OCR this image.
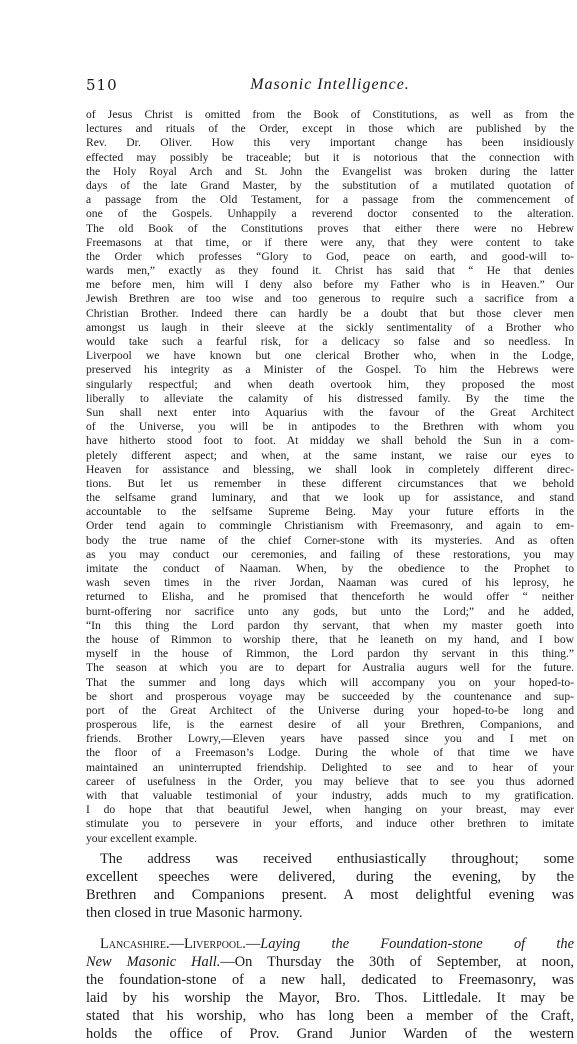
510	Masonic Intelligence.
of Jesus Christ is omitted from the Book of Constitutions, as well as from the
lectures and rituals of the Order, except in those which are published by the
Rev. Dr. Oliver. How this very important change has been insidiously
effected may possibly be traceable; but it is notorious that the connection with
the Holy Royal Arch and St. John the Evangelist was broken during the latter
days of the late Grand Master, by the substitution of a mutilated quotation of
a passage from the Old Testament, for a passage from the commencement of
one of the Gospels. Unhappily a reverend doctor consented to the alteration.
The old Book of the Constitutions proves that either there were no Hebrew
Freemasons at that time, or if there were any, that they were content to take
the Order which professes “Glory to God, peace on earth, and good-will to-
wards men,” exactly as they found it. Christ has said that “ He that denies
me before men, him will I deny also before my Father who is in Heaven.” Our
Jewish Brethren are too wise and too generous to require such a sacrifice from a
Christian Brother. Indeed there can hardly be a doubt that but those clever men
amongst us laugh in their sleeve at the sickly sentimentality of a Brother who
would take such a fearful risk, for a delicacy so false and so needless. In
Liverpool we have known but one clerical Brother who, when in the Lodge,
preserved his integrity as a Minister of the Gospel. To him the Hebrews were
singularly respectful; and when death overtook him, they proposed the most
liberally to alleviate the calamity of his distressed family. By the time the
Sun shall next enter into Aquarius with the favour of the Great Architect
of the Universe, you will be in antipodes to the Brethren with whom you
have hitherto stood foot to foot. At midday we shall behold the Sun in a com-
pletely different aspect; and when, at the same instant, we raise our eyes to
Heaven for assistance and blessing, we shall look in completely different direc-
tions. But let us remember in these different circumstances that we behold
the selfsame grand luminary, and that we look up for assistance, and stand
accountable to the selfsame Supreme Being. May your future efforts in the
Order tend again to commingle Christianism with Freemasonry, and again to em-
body the true name of the chief Corner-stone with its mysteries. And as often
as you may conduct our ceremonies, and failing of these restorations, you may
imitate the conduct of Naaman. When, by the obedience to the Prophet to
wash seven times in the river Jordan, Naaman was cured of his leprosy, he
returned to Elisha, and he promised that thenceforth he would offer “ neither
burnt-offering nor sacrifice unto any gods, but unto the Lord;” and he added,
“In this thing the Lord pardon thy servant, that when my master goeth into
the house of Rimmon to worship there, that he leaneth on my hand, and I bow
myself in the house of Rimmon, the Lord pardon thy servant in this thing.”
The season at which you are to depart for Australia augurs well for the future.
That the summer and long days which will accompany you on your hoped-to-
be short and prosperous voyage may be succeeded by the countenance and sup-
port of the Great Architect of the Universe during your hoped-to-be long and
prosperous life, is the earnest desire of all your Brethren, Companions, and
friends. Brother Lowry,—Eleven years have passed since you and I met on
the floor of a Freemason’s Lodge. During the whole of that time we have
maintained an uninterrupted friendship. Delighted to see and to hear of your
career of usefulness in the Order, you may believe that to see you thus adorned
with that valuable testimonial of your industry, adds much to my gratification.
I do hope that that beautiful Jewel, when hanging on your breast, may ever
stimulate you to persevere in your efforts, and induce other brethren to imitate
your excellent example.
The address was received enthusiastically throughout; some
excellent speeches were delivered, during the evening, by the
Brethren and Companions present. A most delightful evening was
then closed in true Masonic harmony.
Lancashire.—Liverpool.—Laying the Foundation-stone of the
New Masonic Hall.—On Thursday the 30th of September, at noon,
the foundation-stone of a new hall, dedicated to Freemasonry, was
laid by his worship the Mayor, Bro. Thos. Littledale. It may be
stated that his worship, who has long been a member of the Craft,
holds the office of Prov. Grand Junior Warden of the western
